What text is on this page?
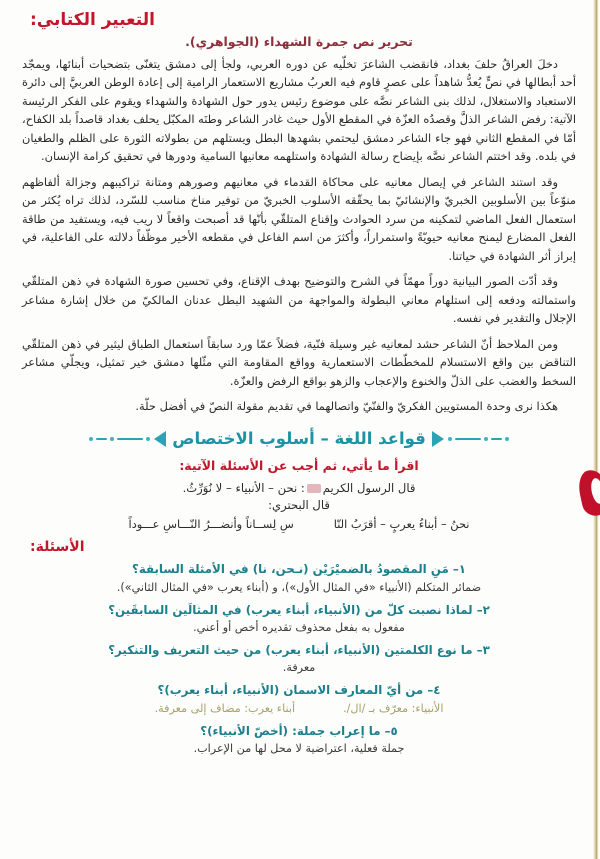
التعبير الكتابي:
تحرير نص جمرة الشهداء (الجواهري).

دخلَ العراقُ حلفَ بغداد، فانقضب الشاعرَ تخلّيه عن دوره العربي، ولجأ إلى دمشق يتغنّى بتضحيات أبنائها، ويمجّد أحد أبطالها في نصٍّ يُعدُّ شاهداً على عصرٍ قاوم فيه العربُ مشاريع الاستعمار الرامية إلى إعادة الوطن العربيَّ إلى دائرة الاستعباد والاستغلال، لذلك بنى الشاعر نصَّه على موضوع رئيس يدور حول الشهادة والشهداء ويقوم على الفكر الرئيسة الآتية: رفض الشاعر الذلَّ وقصدُه العزّة في المقطع الأول حيث غادر الشاعر وطنَه المكبّل يحلف بغداد قاصداً بلد الكفاح، أمّا في المقطع الثاني فهو جاء الشاعر دمشق ليحتمي بشهدها البطل ويستلهم من بطولاته الثورة على الظلم والطغيان في بلده. وقد اختتم الشاعر نصَّه بإيضاح رسالة الشهادة واستلهمه معانيها السامية ودورها في تحقيق كرامة الإنسان.

وقد استند الشاعر في إيصال معانيه على محاكاة القدماء في معانيهم وصورهم ومتانة تراكيبهم وجزالة ألفاظهم منوّعاً بين الأسلوبين الخبريّ والإنشائيّ بما يحقّقه الأسلوب الخبريّ من توفير مناخ مناسب للسّرد، لذلك تراه يُكثر من استعمال الفعل الماضي لتمكينه من سرد الحوادث وإقناع المتلقّي بأنّها قد أصبحت واقعاً لا ريب فيه، ويستفيد من طاقة الفعل المضارع ليمنح معانيه حيويّةً واستمراراً، وأكثرَ من اسم الفاعل في مقطعه الأخير موظّفاً دلالته على الفاعلية، في إبراز أثر الشهادة في حياتنا.

وقد أدّت الصور البيانية دوراً مهمّاً في الشرح والتوضيح بهدف الإقناع، وفي تحسين صورة الشهادة في ذهن المتلقّي واستمالته ودفعه إلى استلهام معاني البطولة والمواجهة من الشهيد البطل عدنان المالكيّ من خلال إشارة مشاعر الإجلال والتقدير في نفسه.

ومن الملاحظ أنّ الشاعر حشد لمعانيه غير وسيلة فنّية، فضلاً عمّا ورد سابقاً استعمال الطباق ليثير في ذهن المتلقّي التناقض بين واقع الاستسلام للمخطّطات الاستعمارية وواقع المقاومة التي مثّلها دمشق خير تمثيل، ويجلّي مشاعر السخط والغضب على الذلّ والخنوع والإعجاب والزهو بواقع الرفض والعزّة.

هكذا نرى وحدة المستويين الفكريّ والفنّيّ واتصالهما في تقديم مقولة النصّ في أفضل حلّة.

قواعد اللغة – أسلوب الاختصاص
اقرأ ما يأتي، ثم أجب عن الأسئلة الآتية:
قال الرسول الكريم: نحن – الأنبياء – لا نُوَرِّثُ.
قال البحتري:
نحنُ – أبناءُ يعربٍ – أقرَبُ النّا
سِ لِســاناً وأنضـــرُ النّـــاسِ عـــوداً
الأسئلة:
١– مَنِ المقصودُ بالضميْرَيْن (نـحن، نا) في الأمثلة السابقة؟
ضمائر المتكلم (الأنبياء «في المثال الأول»)، و (أبناء يعرب «في المثال الثاني»).
٢– لماذا نصبت كلّ من (الأنبياء، أبناء يعرب) في المثالَين السابقَين؟
مفعول به بفعل محذوف تقديره أخص أو أعني.
٣– ما نوع الكلمتين (الأنبياء، أبناء يعرب) من حيث التعريف والتنكير؟
معرفة.
٤– من أيّ المعارف الاسمان (الأنبياء، أبناء يعرب)؟
الأنبياء: معرّف بـ /ال/.
أبناء يعرب: مضاف إلى معرفة.
٥– ما إعراب جملة: (أخصّ الأنبياء)؟
جملة فعلية، اعتراضية لا محل لها من الإعراب.
